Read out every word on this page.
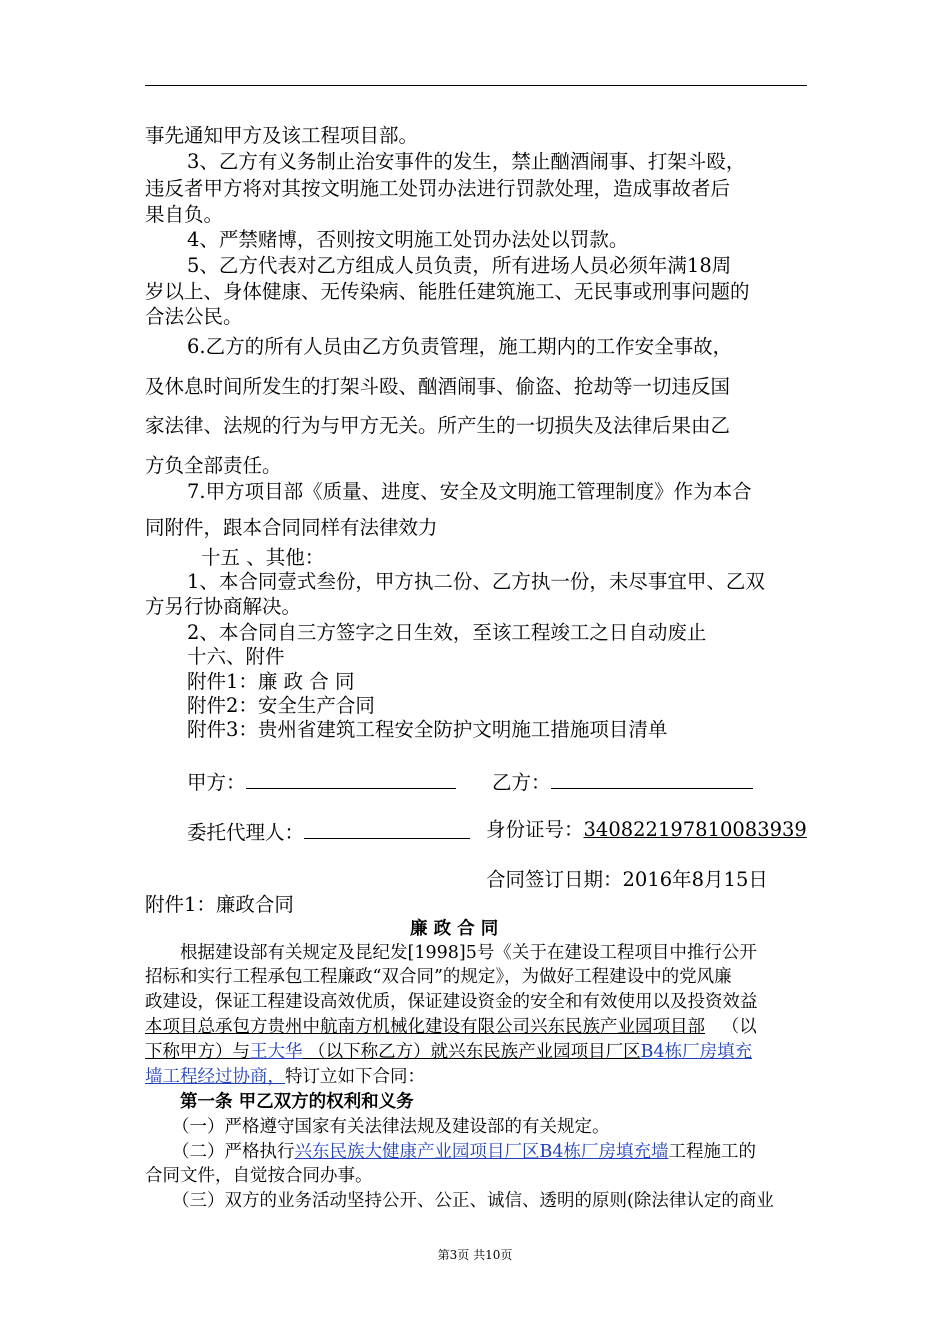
事先通知甲方及该工程项目部。
3、乙方有义务制止治安事件的发生，禁止酗酒闹事、打架斗殴，
违反者甲方将对其按文明施工处罚办法进行罚款处理，造成事故者后
果自负。
4、严禁赌博，否则按文明施工处罚办法处以罚款。
5、乙方代表对乙方组成人员负责，所有进场人员必须年满18周
岁以上、身体健康、无传染病、能胜任建筑施工、无民事或刑事问题的
合法公民。
6.乙方的所有人员由乙方负责管理，施工期内的工作安全事故，
及休息时间所发生的打架斗殴、酗酒闹事、偷盗、抢劫等一切违反国
家法律、法规的行为与甲方无关。所产生的一切损失及法律后果由乙
方负全部责任。
7.甲方项目部《质量、进度、安全及文明施工管理制度》作为本合
同附件，跟本合同同样有法律效力
十五 、其他：
1、本合同壹式叁份，甲方执二份、乙方执一份，未尽事宜甲、乙双
方另行协商解决。
2、本合同自三方签字之日生效，至该工程竣工之日自动废止
十六、附件
附件1：廉 政 合 同
附件2：安全生产合同
附件3：贵州省建筑工程安全防护文明施工措施项目清单
甲方：	乙方：
委托代理人：	身份证号：340822197810083939
合同签订日期：2016年8月15日
附件1：廉政合同
廉 政 合 同
根据建设部有关规定及昆纪发[1998]5号《关于在建设工程项目中推行公开
招标和实行工程承包工程廉政“双合同”的规定》，为做好工程建设中的党风廉
政建设，保证工程建设高效优质，保证建设资金的安全和有效使用以及投资效益
本项目总承包方贵州中航南方机械化建设有限公司兴东民族产业园项目部 （以
下称甲方）与王大华 （以下称乙方）就兴东民族产业园项目厂区B4栋厂房填充
墙工程经过协商，特订立如下合同：
第一条 甲乙双方的权利和义务
（一）严格遵守国家有关法律法规及建设部的有关规定。
（二）严格执行兴东民族大健康产业园项目厂区B4栋厂房填充墙工程施工的
合同文件，自觉按合同办事。
（三）双方的业务活动坚持公开、公正、诚信、透明的原则(除法律认定的商业
第3页 共10页
